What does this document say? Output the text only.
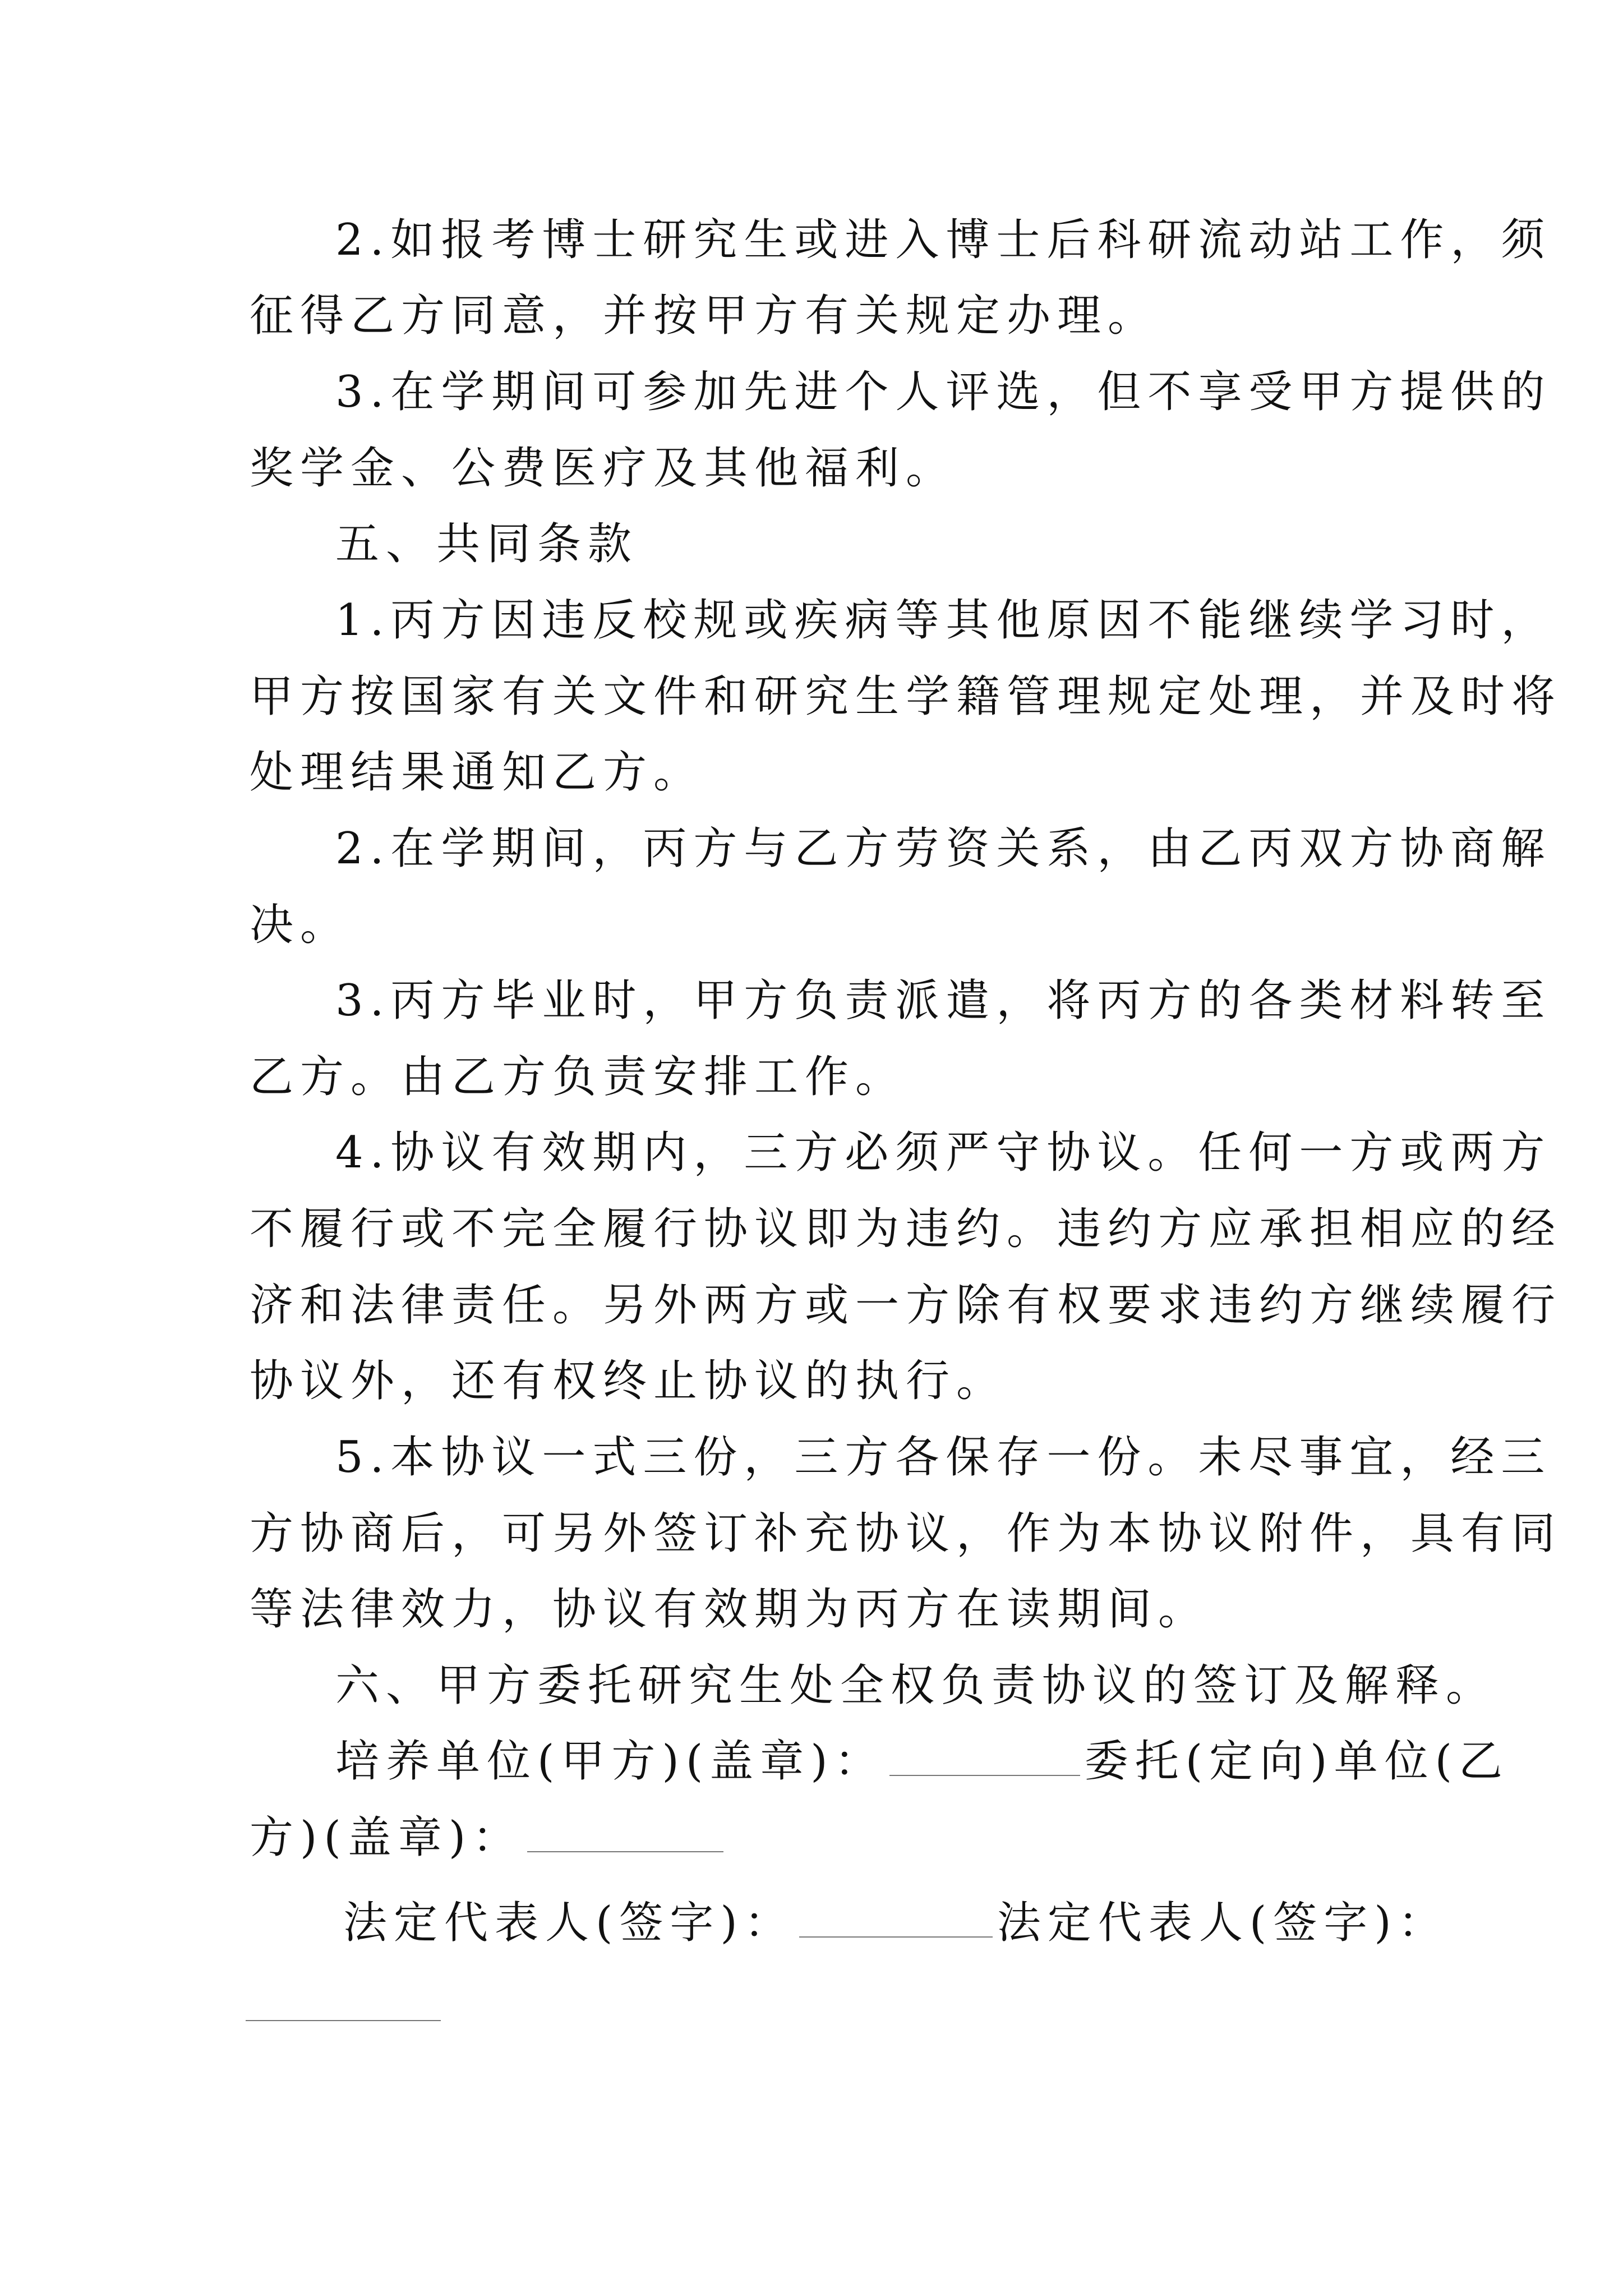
2.如报考博士研究生或进入博士后科研流动站工作，须
征得乙方同意，并按甲方有关规定办理。
3.在学期间可参加先进个人评选，但不享受甲方提供的
奖学金、公费医疗及其他福利。
五、共同条款
1.丙方因违反校规或疾病等其他原因不能继续学习时，
甲方按国家有关文件和研究生学籍管理规定处理，并及时将
处理结果通知乙方。
2.在学期间，丙方与乙方劳资关系，由乙丙双方协商解
决。
3.丙方毕业时，甲方负责派遣，将丙方的各类材料转至
乙方。由乙方负责安排工作。
4.协议有效期内，三方必须严守协议。任何一方或两方
不履行或不完全履行协议即为违约。违约方应承担相应的经
济和法律责任。另外两方或一方除有权要求违约方继续履行
协议外，还有权终止协议的执行。
5.本协议一式三份，三方各保存一份。未尽事宜，经三
方协商后，可另外签订补充协议，作为本协议附件，具有同
等法律效力，协议有效期为丙方在读期间。
六、甲方委托研究生处全权负责协议的签订及解释。
培养单位(甲方)(盖章)：	委托(定向)单位(乙
方)(盖章)：
法定代表人(签字)：	法定代表人(签字)：
